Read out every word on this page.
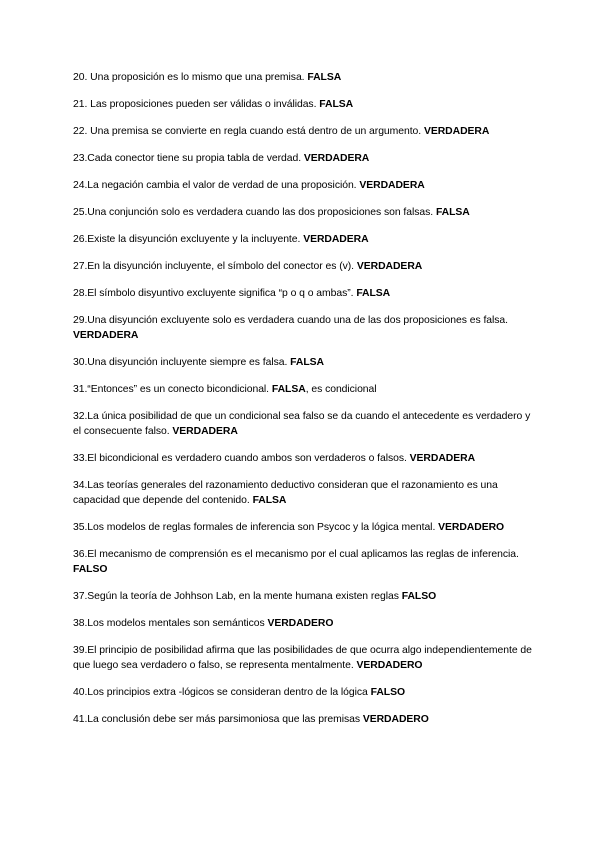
20. Una proposición es lo mismo que una premisa. FALSA

21. Las proposiciones pueden ser válidas o inválidas. FALSA

22. Una premisa se convierte en regla cuando está dentro de un argumento. VERDADERA

23.Cada conector tiene su propia tabla de verdad. VERDADERA

24.La negación cambia el valor de verdad de una proposición. VERDADERA

25.Una conjunción solo es verdadera cuando las dos proposiciones son falsas. FALSA

26.Existe la disyunción excluyente y la incluyente. VERDADERA

27.En la disyunción incluyente, el símbolo del conector es (v). VERDADERA

28.El símbolo disyuntivo excluyente significa “p o q o ambas”. FALSA

29.Una disyunción excluyente solo es verdadera cuando una de las dos proposiciones es falsa. VERDADERA

30.Una disyunción incluyente siempre es falsa. FALSA

31.“Entonces” es un conecto bicondicional. FALSA, es condicional

32.La única posibilidad de que un condicional sea falso se da cuando el antecedente es verdadero y el consecuente falso. VERDADERA

33.El bicondicional es verdadero cuando ambos son verdaderos o falsos. VERDADERA

34.Las teorías generales del razonamiento deductivo consideran que el razonamiento es una capacidad que depende del contenido. FALSA

35.Los modelos de reglas formales de inferencia son Psycoc y la lógica mental. VERDADERO

36.El mecanismo de comprensión es el mecanismo por el cual aplicamos las reglas de inferencia. FALSO

37.Según la teoría de Johhson Lab, en la mente humana existen reglas FALSO

38.Los modelos mentales son semánticos VERDADERO

39.El principio de posibilidad afirma que las posibilidades de que ocurra algo independientemente de que luego sea verdadero o falso, se representa mentalmente. VERDADERO

40.Los principios extra -lógicos se consideran dentro de la lógica FALSO

41.La conclusión debe ser más parsimoniosa que las premisas VERDADERO
